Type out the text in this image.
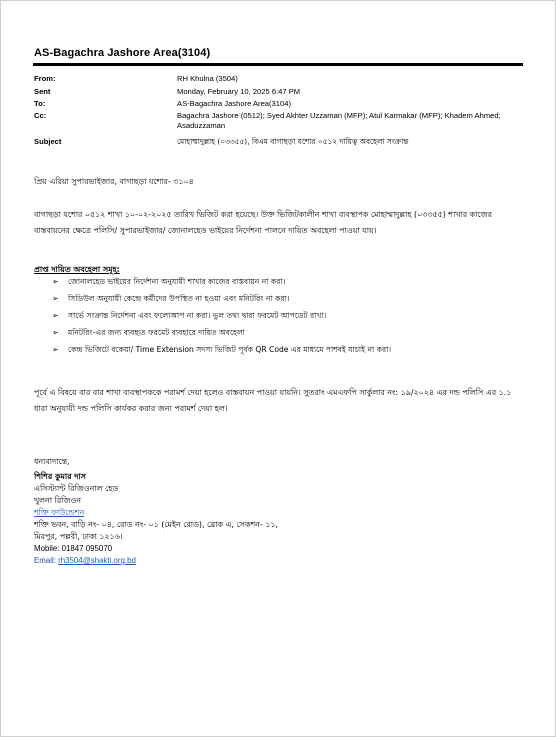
AS-Bagachra Jashore Area(3104)
From:	RH Khulna (3504)
Sent	Monday, February 10, 2025 6:47 PM
To:	AS-Bagachra Jashore Area(3104)
Cc:	Bagachra Jashore (0512); Syed Akhter Uzzaman (MFP); Atul Karmakar (MFP); Khadem Ahmed; Asaduzzaman
Subject	মোহাম্মাদুল্লাহ (০৩৩৫৫), বিএম বাগাছড়া যশোর ০৫১২ দায়িত্ব অবহেলা সংক্রান্ত
প্রিয় এরিয়া সুপারভাইজার, বাগাছড়া যশোর- ৩১০৪
বাগাছড়া যশোর ০৫১২ শাখা ১০-০২-২০২৫ তারিখ ভিজিট করা হয়েছে। উক্ত ভিজিটকালীন শাখা ব্যবস্থাপক মোহাম্মাদুল্লাহ (০৩৩৫৫) শাখার কাজের বাস্তবায়নের ক্ষেত্রে পলিসি/ সুপারভাইজার/ জোনালহেড ভাইয়ের নির্দেশনা পালনে দায়িত অবহেলা পাওয়া যায়।
প্রাপ্ত দায়িত অবহেলা সমূহ:
➢ জোনালহেড ভাইয়ের নির্দেশনা অনুযায়ী শাখার কাজের বাস্তবায়ন না করা।
➢ সিডিউল অনুযায়ী কেন্দ্রে কর্মীদের উপস্থিত না হওয়া এবং মনিটরিং না করা।
➢ সার্ভে সংক্রান্ত নির্দেশনা এবং ফলোআপ না করা। ভুল তথ্য দ্বারা ফরমেট আপডেট রাখা।
➢ মনিটরিং-এর জন্য ব্যবহৃত ফরমেট ব্যবহারে দায়িত অবহেলা
➢ কেন্দ্র ভিজিটে বকেয়া/ Time Extension সদস্য ভিজিট পূর্বক QR Code এর মাধ্যমে পাশবই যাচাই না করা।
পূর্বে এ বিষয়ে বার বার শাখা ব্যবস্থাপককে পরামর্শ দেয়া হলেও বাস্তবায়ন পাওয়া যায়নি। সুতরাং এমএফপি সার্কুলার নং: ১৯/২০২৪ এর দন্ড পলিসি এর ১.১ ধারা অনুযায়ী দন্ড পলিসি কার্যকর করার জন্য পরামর্শ দেয়া হল।
ধন্যবাদান্তে,
শিশির কুমার দাস
এসিস্ট্যান্ট রিজিওনাল হেড
খুলনা রিজিওন
শক্তি ফাউন্ডেশন
শক্তি ভবন, বাড়ি নং- ০৪, রোড নং- ০১ (মেইন রোড), ব্লোক এ, সেকশন- ১১,
মিরপুর, পল্লবী, ঢাকা ১২১৬।
Mobile: 01847 095070
Email: rh3504@shakti.org.bd
